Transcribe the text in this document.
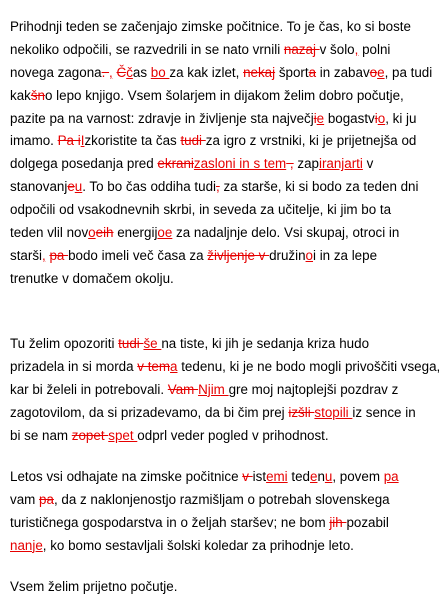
Prihodnji teden se začenjajo zimske počitnice. To je čas, ko si boste
nekoliko odpočili, se razvedrili in se nato vrnili nazaj v šolo, polni
novega zagona. , Ččas bo za kak izlet, nekaj športa in zabavoe, pa tudi
kakšno lepo knjigo. Vsem šolarjem in dijakom želim dobro počutje,
pazite pa na varnost: zdravje in življenje sta največjie bogastvio, ki ju
imamo. Pa iIzkoristite ta čas tudi za igro z vrstniki, ki je prijetnejša od
dolgega posedanja pred ekranizasloni in s tem , zapiranjarti v
stanovanjeu. To bo čas oddiha tudi, za starše, ki si bodo za teden dni
odpočili od vsakodnevnih skrbi, in seveda za učitelje, ki jim bo ta
teden vlil novoeih energijoe za nadaljnje delo. Vsi skupaj, otroci in
starši, pa bodo imeli več časa za življenje v družinoi in za lepe
trenutke v domačem okolju.
Tu želim opozoriti tudi še na tiste, ki jih je sedanja kriza hudo
prizadela in si morda v tema tedenu, ki je ne bodo mogli privoščiti vsega,
kar bi želeli in potrebovali. Vam Njim gre moj najtoplejši pozdrav z
zagotovilom, da si prizadevamo, da bi čim prej izšli stopili iz sence in
bi se nam zopet spet odprl veder pogled v prihodnost.
Letos vsi odhajate na zimske počitnice v istemi tedenu, povem pa
vam pa, da z naklonjenostjo razmišljam o potrebah slovenskega
turističnega gospodarstva in o željah staršev; ne bom jih pozabil
nanje, ko bomo sestavljali šolski koledar za prihodnje leto.
Vsem želim prijetno počutje.
